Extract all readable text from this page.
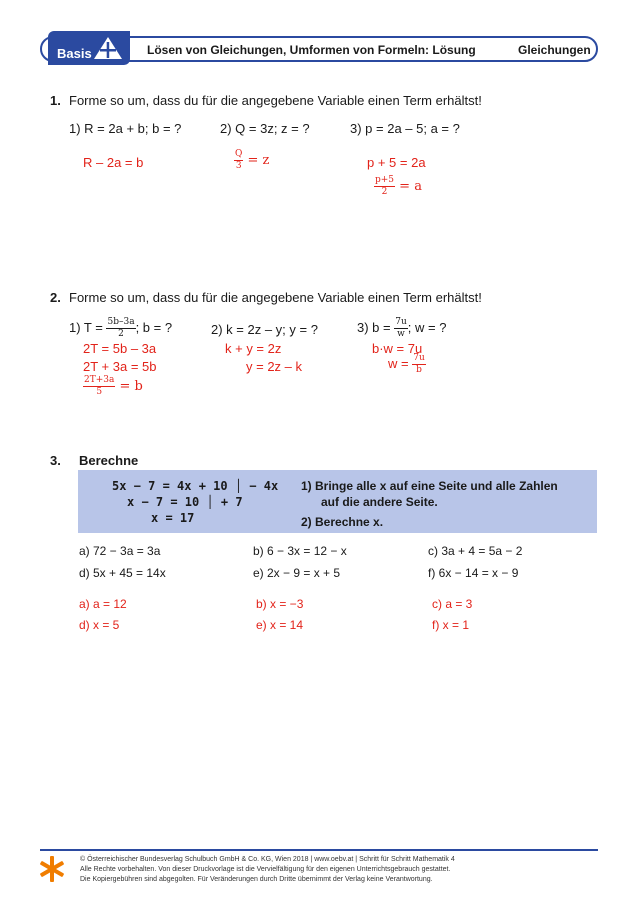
Basis	Lösen von Gleichungen, Umformen von Formeln: Lösung	Gleichungen
1. Forme so um, dass du für die angegebene Variable einen Term erhältst!
1) R = 2a + b; b = ?	2) Q = 3z; z = ?	3) p = 2a – 5; a = ?
R – 2a = b	$\frac{Q}{3} = z$	p + 5 = 2a
$\frac{p+5}{2} = a$
2. Forme so um, dass du für die angegebene Variable einen Term erhältst!
1) $T = \frac{5b-3a}{2}$ ; b = ?	2) k = 2z – y; y = ?	3) $b = \frac{7u}{w}$ ; w = ?
2T = 5b – 3a
2T + 3a = 5b
$\frac{2T+3a}{5} = b$
k + y = 2z
y = 2z – k
b·w = 7u
$w = \frac{7u}{b}$
3. Berechne
5x − 7 = 4x + 10 │ − 4x
x − 7 = 10 │ + 7
x = 17
1) Bringe alle x auf eine Seite und alle Zahlen
auf die andere Seite.
2) Berechne x.
a) 72 − 3a = 3a	b) 6 − 3x = 12 − x	c) 3a + 4 = 5a − 2
d) 5x + 45 = 14x	e) 2x − 9 = x + 5	f) 6x − 14 = x − 9
a) a = 12	b) x = −3	c) a = 3
d) x = 5	e) x = 14	f) x = 1
© Österreichischer Bundesverlag Schulbuch GmbH & Co. KG, Wien 2018 | www.oebv.at | Schritt für Schritt Mathematik 4
Alle Rechte vorbehalten. Von dieser Druckvorlage ist die Vervielfältigung für den eigenen Unterrichtsgebrauch gestattet.
Die Kopiergebühren sind abgegolten. Für Veränderungen durch Dritte übernimmt der Verlag keine Verantwortung.
